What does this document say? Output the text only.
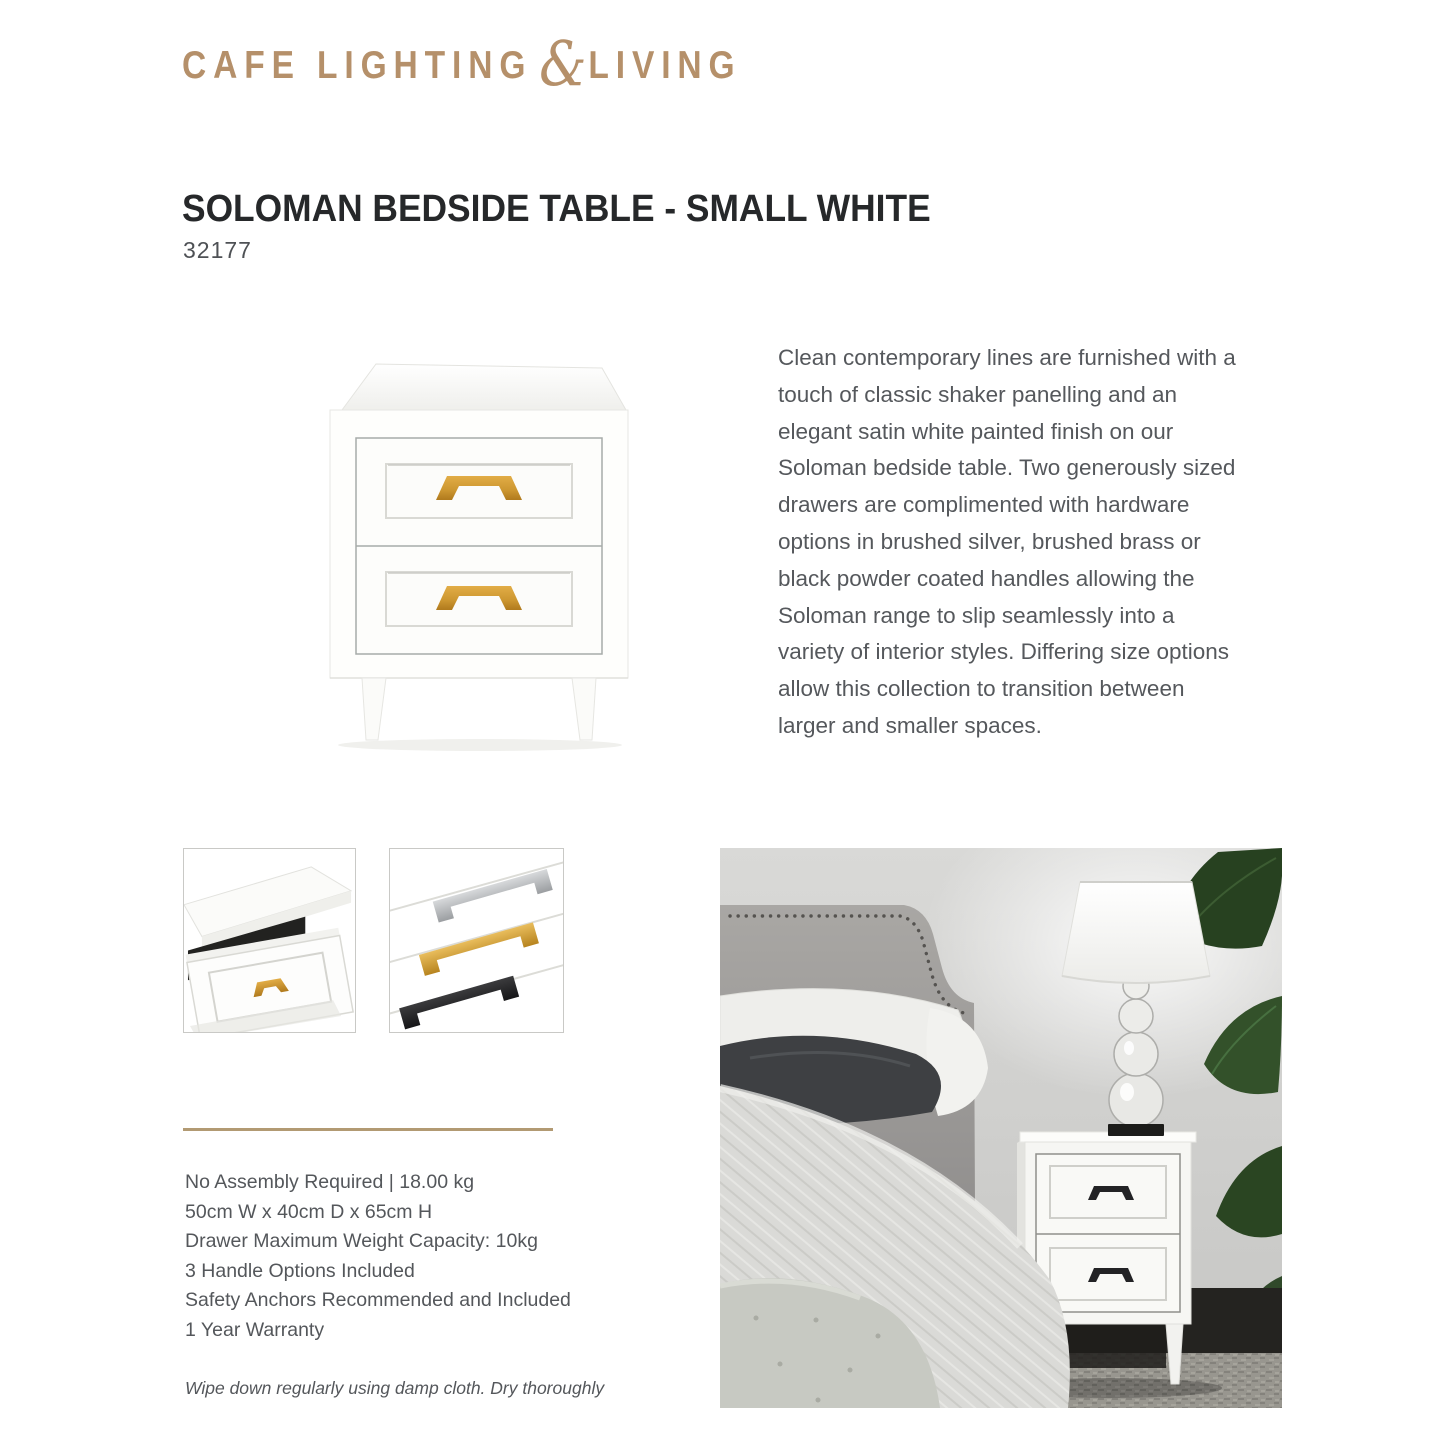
CAFE LIGHTING &LIVING
SOLOMAN BEDSIDE TABLE - SMALL WHITE
32177

Clean contemporary lines are furnished with a touch of classic shaker panelling and an elegant satin white painted finish on our Soloman bedside table. Two generously sized drawers are complimented with hardware options in brushed silver, brushed brass or black powder coated handles allowing the Soloman range to slip seamlessly into a variety of interior styles. Differing size options allow this collection to transition between larger and smaller spaces.

No Assembly Required | 18.00 kg
50cm W x 40cm D x 65cm H
Drawer Maximum Weight Capacity: 10kg
3 Handle Options Included
Safety Anchors Recommended and Included
1 Year Warranty
Wipe down regularly using damp cloth. Dry thoroughly
